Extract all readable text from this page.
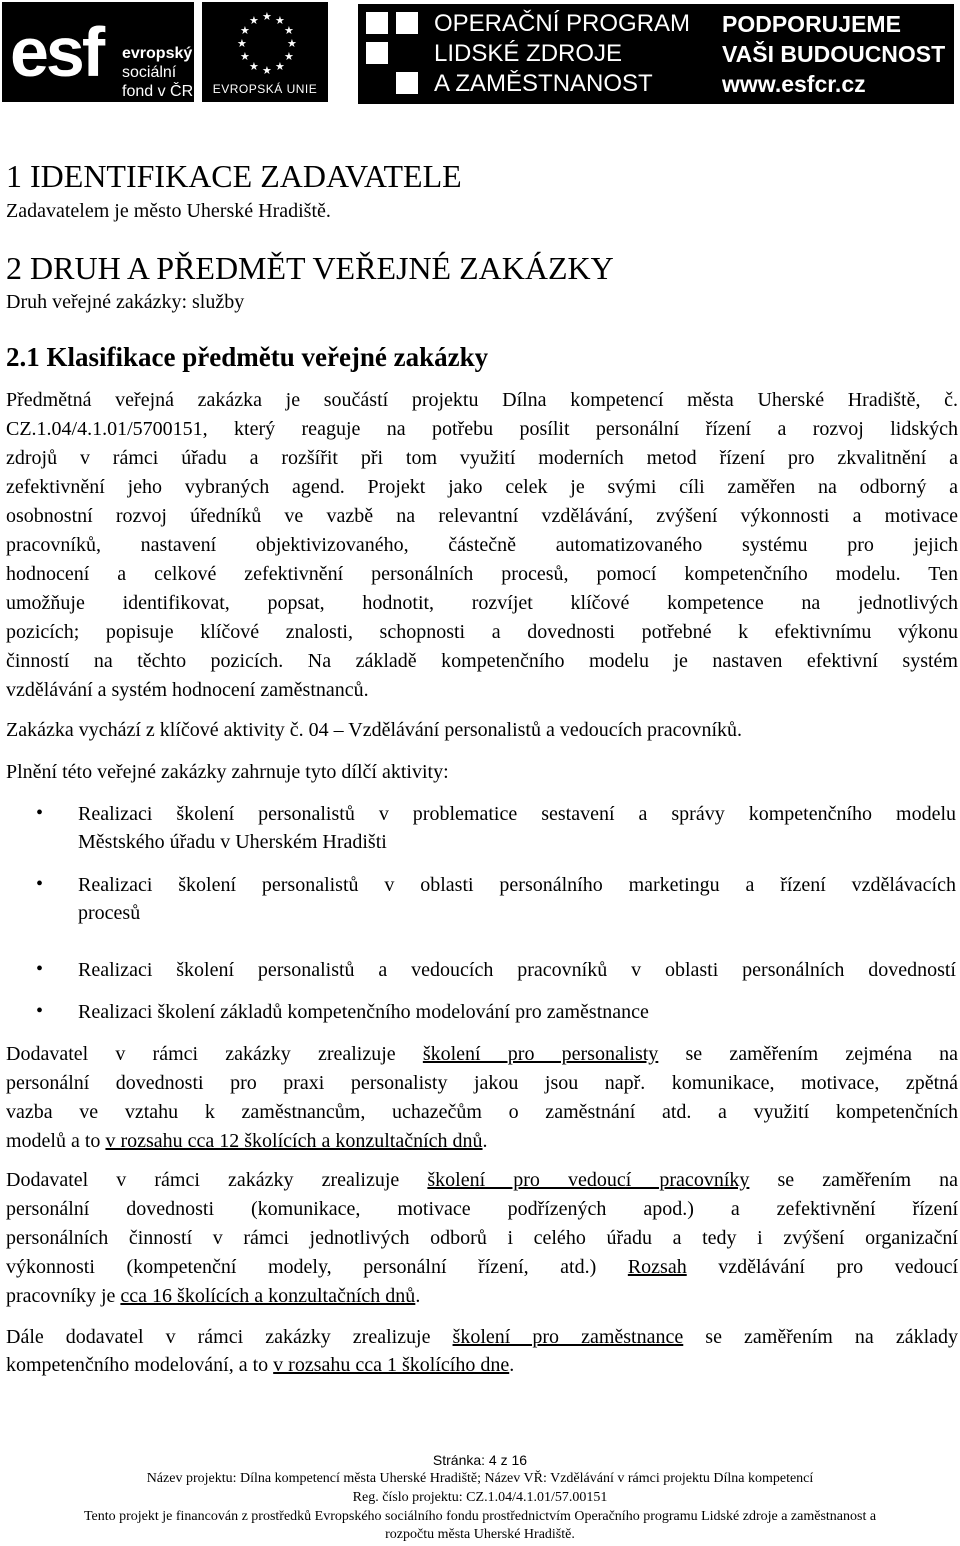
esf evropský
sociální
fond v ČR
★ ★
★
★
★
★
★
★
★
★
★
★
EVROPSKÁ UNIE
OPERAČNÍ PROGRAM
LIDSKÉ ZDROJE
A ZAMĚSTNANOST
PODPORUJEME
VAŠI BUDOUCNOST
www.esfcr.cz
1 IDENTIFIKACE ZADAVATELE
Zadavatelem je město Uherské Hradiště.
2 DRUH A PŘEDMĚT VEŘEJNÉ ZAKÁZKY
Druh veřejné zakázky: služby
2.1 Klasifikace předmětu veřejné zakázky
Předmětná veřejná zakázka je součástí projektu Dílna kompetencí města Uherské Hradiště, č.
CZ.1.04/4.1.01/5700151, který reaguje na potřebu posílit personální řízení a rozvoj lidských
zdrojů v rámci úřadu a rozšířit při tom využití moderních metod řízení pro zkvalitnění a
zefektivnění jeho vybraných agend. Projekt jako celek je svými cíli zaměřen na odborný a
osobnostní rozvoj úředníků ve vazbě na relevantní vzdělávání, zvýšení výkonnosti a motivace
pracovníků, nastavení objektivizovaného, částečně automatizovaného systému pro jejich
hodnocení a celkové zefektivnění personálních procesů, pomocí kompetenčního modelu. Ten
umožňuje identifikovat, popsat, hodnotit, rozvíjet klíčové kompetence na jednotlivých
pozicích; popisuje klíčové znalosti, schopnosti a dovednosti potřebné k efektivnímu výkonu
činností na těchto pozicích. Na základě kompetenčního modelu je nastaven efektivní systém
vzdělávání a systém hodnocení zaměstnanců.
Zakázka vychází z klíčové aktivity č. 04 – Vzdělávání personalistů a vedoucích pracovníků.
Plnění této veřejné zakázky zahrnuje tyto dílčí aktivity:
• Realizaci školení personalistů v problematice sestavení a správy kompetenčního modelu
Městského úřadu v Uherském Hradišti
• Realizaci školení personalistů v oblasti personálního marketingu a řízení vzdělávacích
procesů
• Realizaci školení personalistů a vedoucích pracovníků v oblasti personálních dovedností
• Realizaci školení základů kompetenčního modelování pro zaměstnance
Dodavatel v rámci zakázky zrealizuje školení pro personalisty se zaměřením zejména na
personální dovednosti pro praxi personalisty jakou jsou např. komunikace, motivace, zpětná
vazba ve vztahu k zaměstnancům, uchazečům o zaměstnání atd. a využití kompetenčních
modelů a to v rozsahu cca 12 školících a konzultačních dnů.
Dodavatel v rámci zakázky zrealizuje školení pro vedoucí pracovníky se zaměřením na
personální dovednosti (komunikace, motivace podřízených apod.) a zefektivnění řízení
personálních činností v rámci jednotlivých odborů i celého úřadu a tedy i zvýšení organizační
výkonnosti (kompetenční modely, personální řízení, atd.) Rozsah vzdělávání pro vedoucí
pracovníky je cca 16 školících a konzultačních dnů.
Dále dodavatel v rámci zakázky zrealizuje školení pro zaměstnance se zaměřením na základy
kompetenčního modelování, a to v rozsahu cca 1 školícího dne.
Stránka: 4 z 16
Název projektu: Dílna kompetencí města Uherské Hradiště; Název VŘ: Vzdělávání v rámci projektu Dílna kompetencí
Reg. číslo projektu: CZ.1.04/4.1.01/57.00151
Tento projekt je financován z prostředků Evropského sociálního fondu prostřednictvím Operačního programu Lidské zdroje a zaměstnanost a
rozpočtu města Uherské Hradiště.
